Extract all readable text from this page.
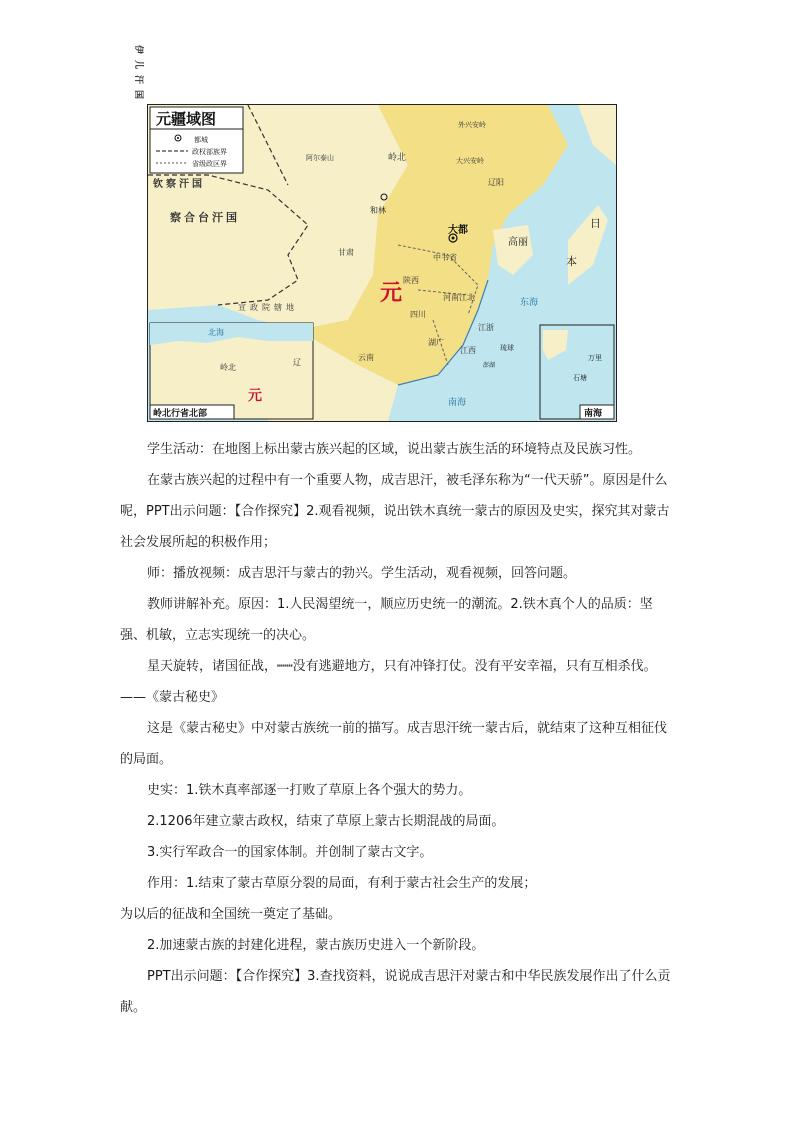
元疆域图
都城
政权部族界
省级政区界
钦察汗国
察合台汗国
伊儿汗国
阿尔泰山	岭北
外兴安岭
大兴安岭
辽阳
和林
大都
中书省
高丽
日
本
元
甘肃
陕西
河南江北
四川
宣政院辖地
湖广
江西
江浙
云南
东海
琉球
澎湖
南海
北海
岭北
辽
元
岭北行省北部
万里
石塘
南海

学生活动：在地图上标出蒙古族兴起的区域，说出蒙古族生活的环境特点及民族习性。

在蒙古族兴起的过程中有一个重要人物，成吉思汗，被毛泽东称为“一代天骄”。原因是什么呢，PPT出示问题：【合作探究】2.观看视频，说出铁木真统一蒙古的原因及史实，探究其对蒙古社会发展所起的积极作用；

师：播放视频：成吉思汗与蒙古的勃兴。学生活动，观看视频，回答问题。

教师讲解补充。原因：1.人民渴望统一，顺应历史统一的潮流。2.铁木真个人的品质：坚强、机敏，立志实现统一的决心。

星天旋转，诸国征战，┉┉没有逃避地方，只有冲锋打仗。没有平安幸福，只有互相杀伐。——《蒙古秘史》

这是《蒙古秘史》中对蒙古族统一前的描写。成吉思汗统一蒙古后，就结束了这种互相征伐的局面。

史实：1.铁木真率部逐一打败了草原上各个强大的势力。

2.1206年建立蒙古政权，结束了草原上蒙古长期混战的局面。

3.实行军政合一的国家体制。并创制了蒙古文字。

作用：1.结束了蒙古草原分裂的局面，有利于蒙古社会生产的发展；

为以后的征战和全国统一奠定了基础。

2.加速蒙古族的封建化进程，蒙古族历史进入一个新阶段。

PPT出示问题：【合作探究】3.查找资料，说说成吉思汗对蒙古和中华民族发展作出了什么贡献。
